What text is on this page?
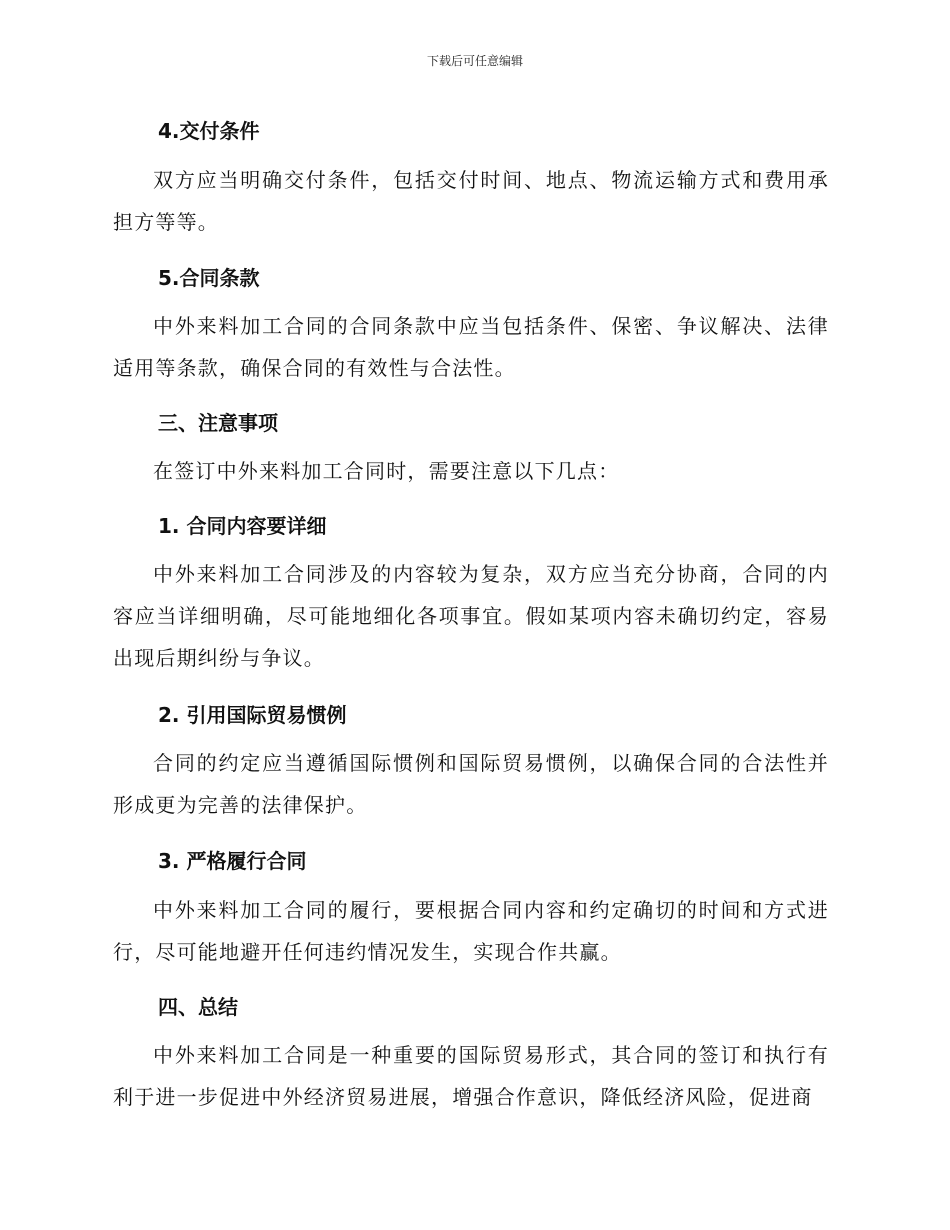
下载后可任意编辑
4.交付条件
双方应当明确交付条件，包括交付时间、地点、物流运输方式和费用承担方等等。
5.合同条款
中外来料加工合同的合同条款中应当包括条件、保密、争议解决、法律适用等条款，确保合同的有效性与合法性。
三、注意事项
在签订中外来料加工合同时，需要注意以下几点：
1. 合同内容要详细
中外来料加工合同涉及的内容较为复杂，双方应当充分协商，合同的内容应当详细明确，尽可能地细化各项事宜。假如某项内容未确切约定，容易出现后期纠纷与争议。
2. 引用国际贸易惯例
合同的约定应当遵循国际惯例和国际贸易惯例，以确保合同的合法性并形成更为完善的法律保护。
3. 严格履行合同
中外来料加工合同的履行，要根据合同内容和约定确切的时间和方式进行，尽可能地避开任何违约情况发生，实现合作共赢。
四、总结
中外来料加工合同是一种重要的国际贸易形式，其合同的签订和执行有利于进一步促进中外经济贸易进展，增强合作意识，降低经济风险，促进商
